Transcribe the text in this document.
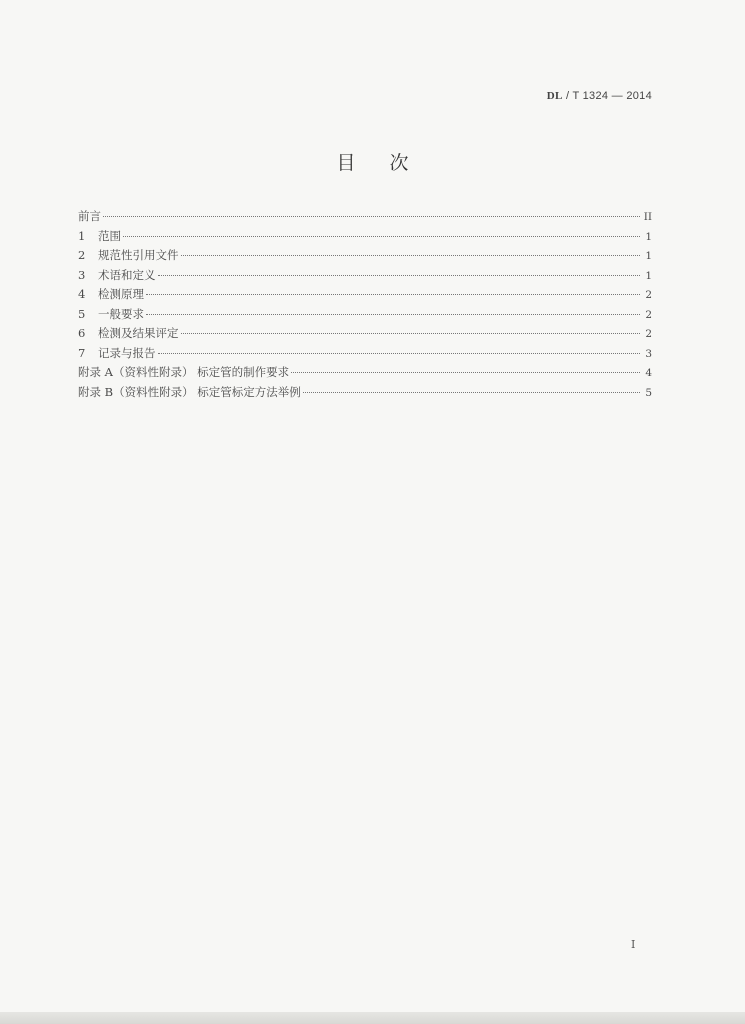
DL / T 1324 — 2014
目次
前言	II
1	范围	1
2	规范性引用文件	1
3	术语和定义	1
4	检测原理	2
5	一般要求	2
6	检测及结果评定	2
7	记录与报告	3
附录 A（资料性附录） 标定管的制作要求	4
附录 B（资料性附录） 标定管标定方法举例	5
I
